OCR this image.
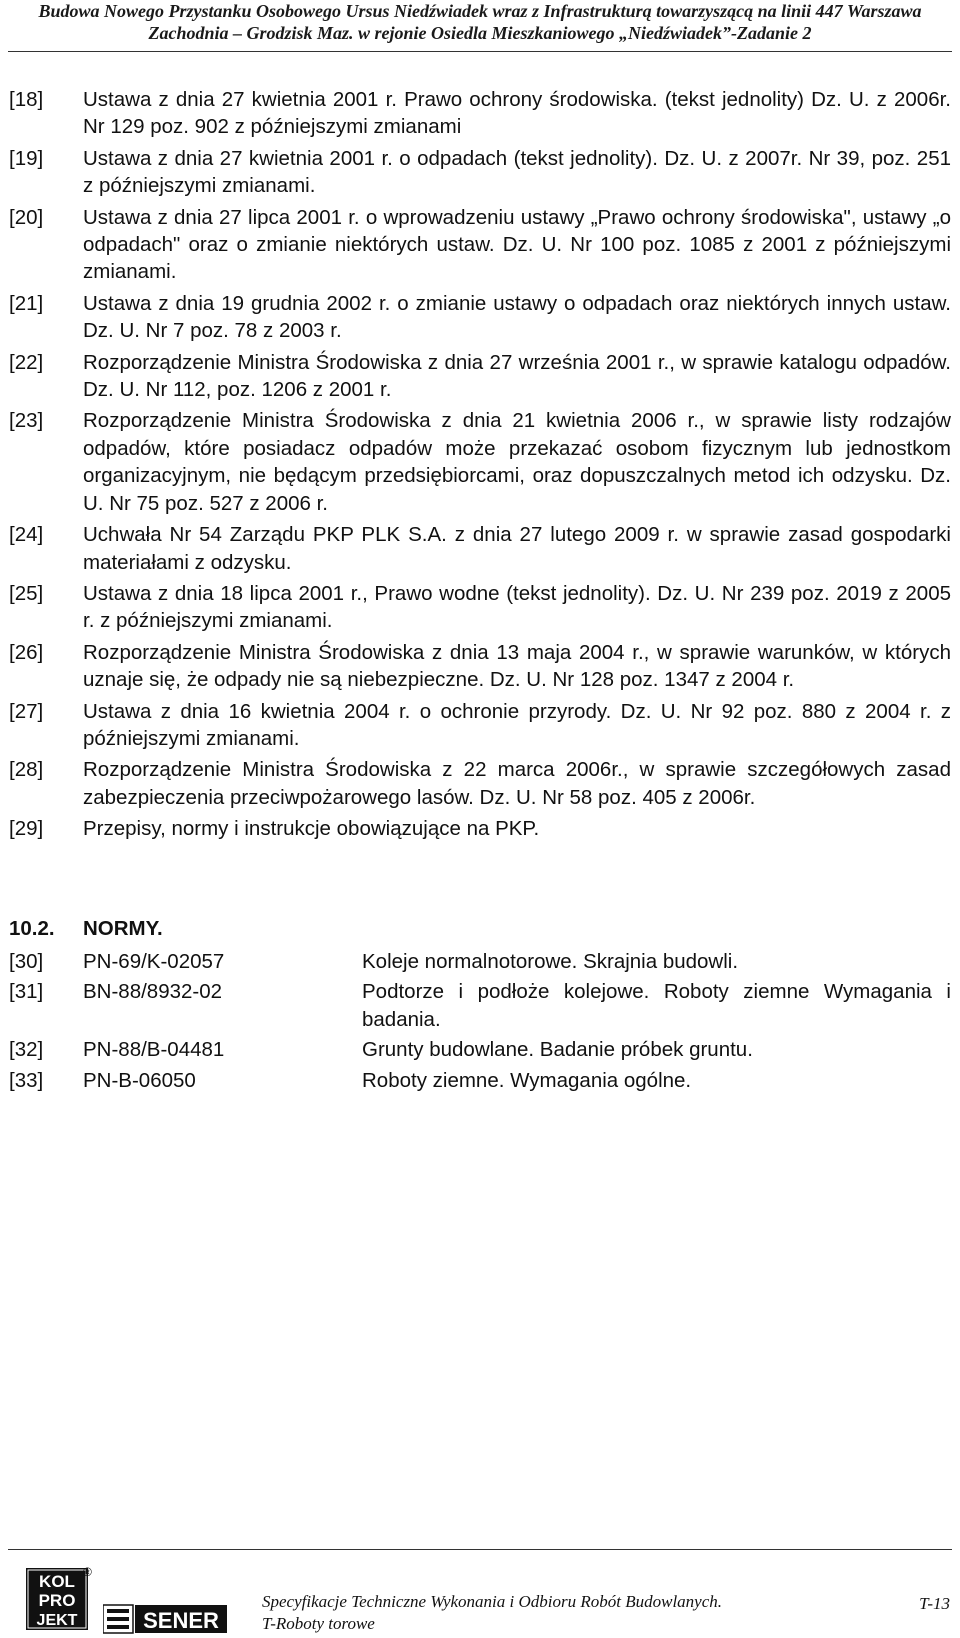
Budowa Nowego Przystanku Osobowego Ursus Niedźwiadek wraz z Infrastrukturą towarzyszącą na linii 447 Warszawa
Zachodnia – Grodzisk Maz. w rejonie Osiedla Mieszkaniowego „Niedźwiadek”-Zadanie 2
[18]	Ustawa z dnia 27 kwietnia 2001 r. Prawo ochrony środowiska. (tekst jednolity) Dz. U. z 2006r. Nr 129 poz. 902 z późniejszymi zmianami
[19]	Ustawa z dnia 27 kwietnia 2001 r. o odpadach (tekst jednolity). Dz. U. z 2007r. Nr 39, poz. 251 z późniejszymi zmianami.
[20]	Ustawa z dnia 27 lipca 2001 r. o wprowadzeniu ustawy „Prawo ochrony środowiska", ustawy „o odpadach" oraz o zmianie niektórych ustaw. Dz. U. Nr 100 poz. 1085 z 2001 z późniejszymi zmianami.
[21]	Ustawa z dnia 19 grudnia 2002 r. o zmianie ustawy o odpadach oraz niektórych innych ustaw. Dz. U. Nr 7 poz. 78 z 2003 r.
[22]	Rozporządzenie Ministra Środowiska z dnia 27 września 2001 r., w sprawie katalogu odpadów. Dz. U. Nr 112, poz. 1206 z 2001 r.
[23]	Rozporządzenie Ministra Środowiska z dnia 21 kwietnia 2006 r., w sprawie listy rodzajów odpadów, które posiadacz odpadów może przekazać osobom fizycznym lub jednostkom organizacyjnym, nie będącym przedsiębiorcami, oraz dopuszczalnych metod ich odzysku. Dz. U. Nr 75 poz. 527 z 2006 r.
[24]	Uchwała Nr 54 Zarządu PKP PLK S.A. z dnia 27 lutego 2009 r. w sprawie zasad gospodarki materiałami z odzysku.
[25]	Ustawa z dnia 18 lipca 2001 r., Prawo wodne (tekst jednolity). Dz. U. Nr 239 poz. 2019 z 2005 r. z późniejszymi zmianami.
[26]	Rozporządzenie Ministra Środowiska z dnia 13 maja 2004 r., w sprawie warunków, w których uznaje się, że odpady nie są niebezpieczne. Dz. U. Nr 128 poz. 1347 z 2004 r.
[27]	Ustawa z dnia 16 kwietnia 2004 r. o ochronie przyrody. Dz. U. Nr 92 poz. 880 z 2004 r. z późniejszymi zmianami.
[28]	Rozporządzenie Ministra Środowiska z 22 marca 2006r., w sprawie szczegółowych zasad zabezpieczenia przeciwpożarowego lasów. Dz. U. Nr 58 poz. 405 z 2006r.
[29]	Przepisy, normy i instrukcje obowiązujące na PKP.
10.2.	NORMY.
[30]	PN-69/K-02057	Koleje normalnotorowe. Skrajnia budowli.
[31]	BN-88/8932-02	Podtorze i podłoże kolejowe. Roboty ziemne Wymagania i badania.
[32]	PN-88/B-04481	Grunty budowlane. Badanie próbek gruntu.
[33]	PN-B-06050	Roboty ziemne. Wymagania ogólne.
KOL
PRO
JEKT
®
SENER
Specyfikacje Techniczne Wykonania i Odbioru Robót Budowlanych.
T-Roboty torowe
T-13
